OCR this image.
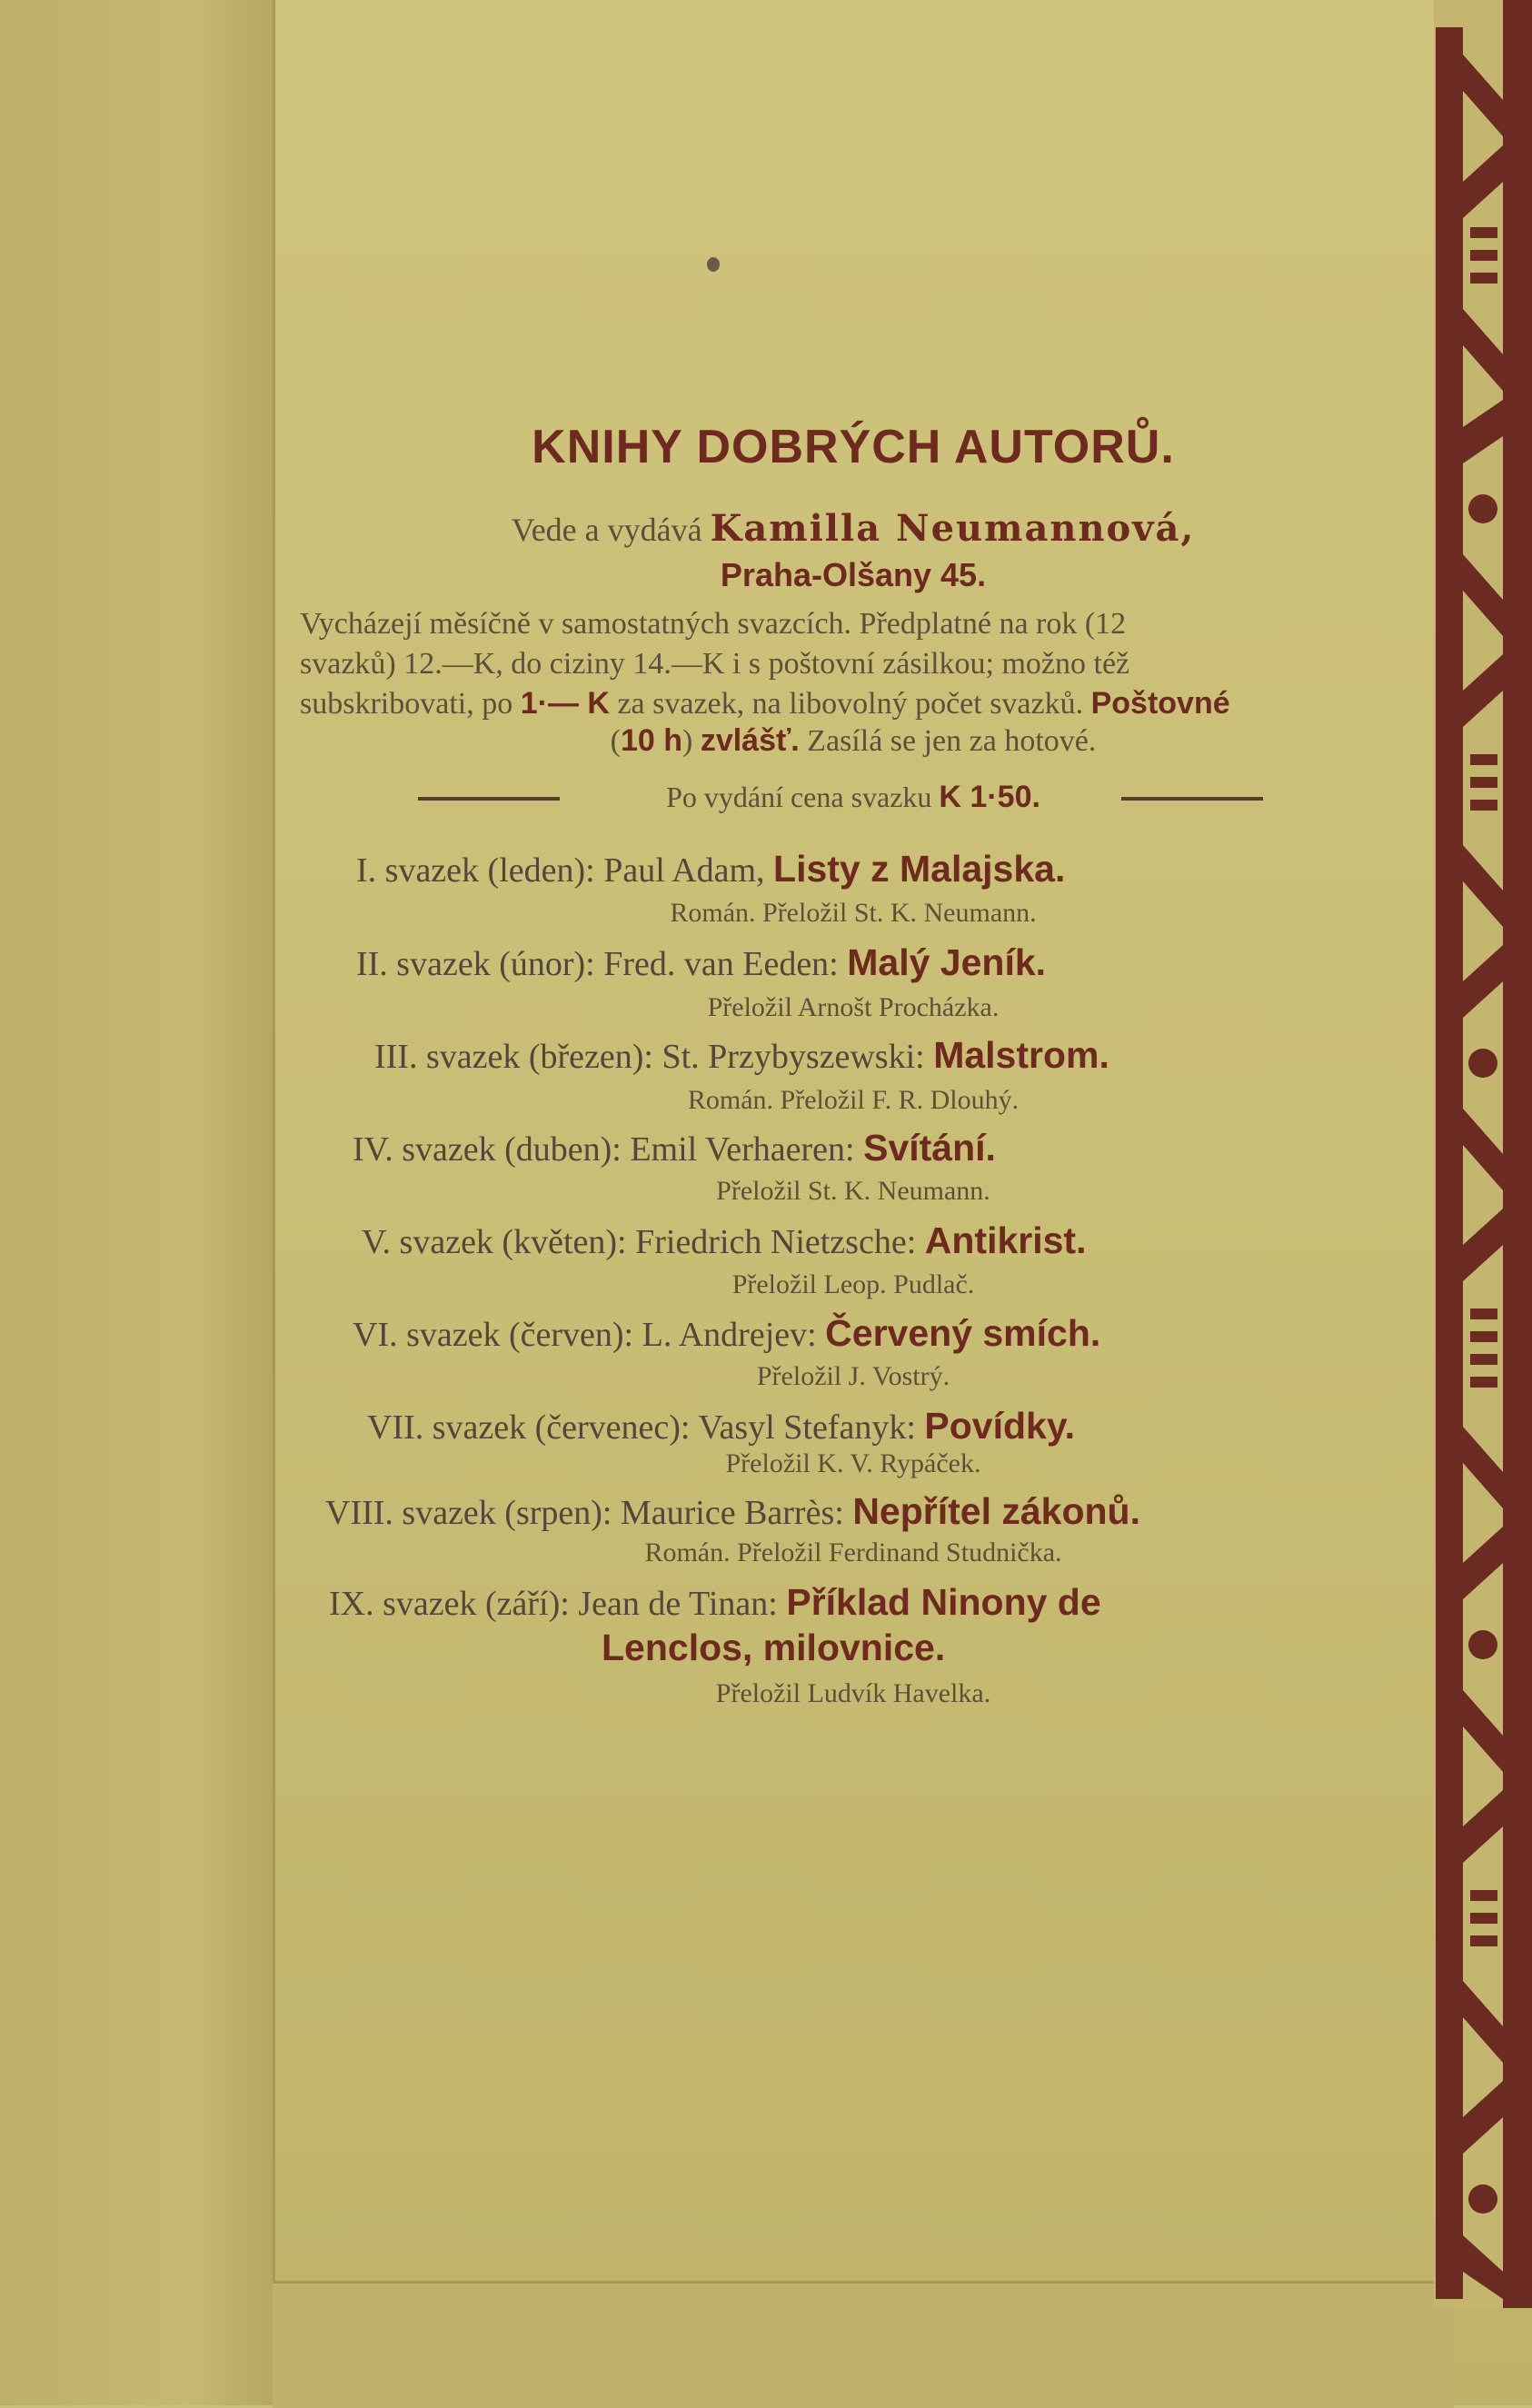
KNIHY DOBRÝCH AUTORŮ.
Vede a vydává Kamilla Neumannová,
Praha-Olšany 45.
Vycházejí měsíčně v samostatných svazcích. Předplatné na rok (12
svazků) 12.—K, do ciziny 14.—K i s poštovní zásilkou; možno též
subskribovati, po 1·— K za svazek, na libovolný počet svazků. Poštovné
(10 h) zvlášť. Zasílá se jen za hotové.
Po vydání cena svazku K 1·50.
I. svazek (leden): Paul Adam, Listy z Malajska.
Román. Přeložil St. K. Neumann.
II. svazek (únor): Fred. van Eeden: Malý Jeník.
Přeložil Arnošt Procházka.
III. svazek (březen): St. Przybyszewski: Malstrom.
Román. Přeložil F. R. Dlouhý.
IV. svazek (duben): Emil Verhaeren: Svítání.
Přeložil St. K. Neumann.
V. svazek (květen): Friedrich Nietzsche: Antikrist.
Přeložil Leop. Pudlač.
VI. svazek (červen): L. Andrejev: Červený smích.
Přeložil J. Vostrý.
VII. svazek (červenec): Vasyl Stefanyk: Povídky.
Přeložil K. V. Rypáček.
VIII. svazek (srpen): Maurice Barrès: Nepřítel zákonů.
Román. Přeložil Ferdinand Studnička.
IX. svazek (září): Jean de Tinan: Příklad Ninony de
Lenclos, milovnice.
Přeložil Ludvík Havelka.
